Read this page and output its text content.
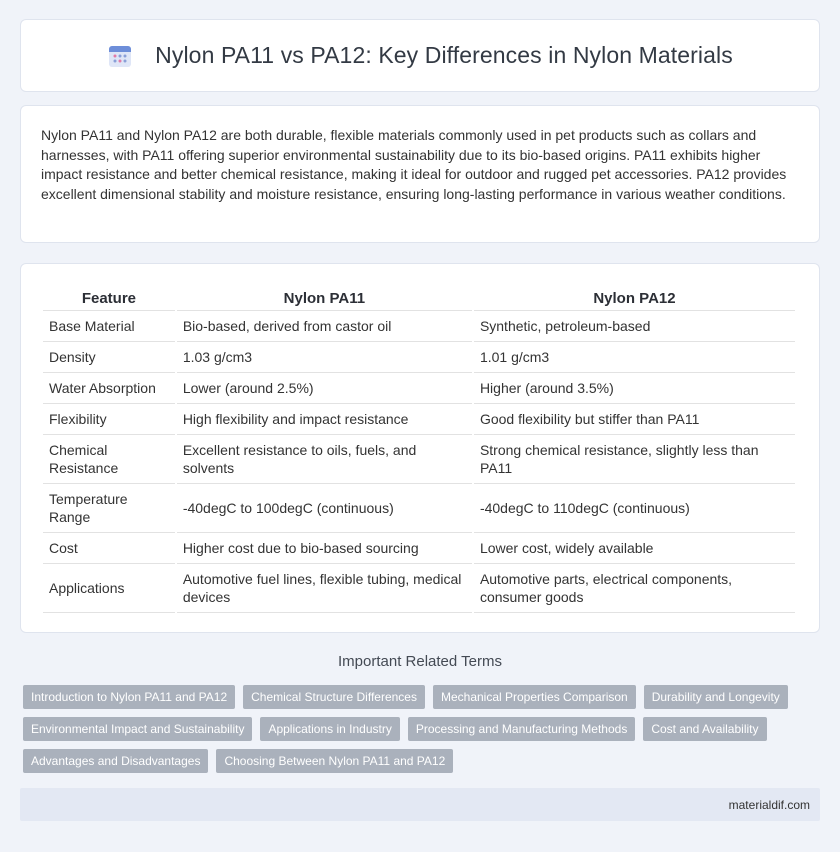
Nylon PA11 vs PA12: Key Differences in Nylon Materials

Nylon PA11 and Nylon PA12 are both durable, flexible materials commonly used in pet products such as collars and harnesses, with PA11 offering superior environmental sustainability due to its bio-based origins. PA11 exhibits higher impact resistance and better chemical resistance, making it ideal for outdoor and rugged pet accessories. PA12 provides excellent dimensional stability and moisture resistance, ensuring long-lasting performance in various weather conditions.

Feature	Nylon PA11	Nylon PA12
Base Material	Bio-based, derived from castor oil	Synthetic, petroleum-based
Density	1.03 g/cm3	1.01 g/cm3
Water Absorption	Lower (around 2.5%)	Higher (around 3.5%)
Flexibility	High flexibility and impact resistance	Good flexibility but stiffer than PA11
Chemical Resistance	Excellent resistance to oils, fuels, and solvents	Strong chemical resistance, slightly less than PA11
Temperature Range	-40degC to 100degC (continuous)	-40degC to 110degC (continuous)
Cost	Higher cost due to bio-based sourcing	Lower cost, widely available
Applications	Automotive fuel lines, flexible tubing, medical devices	Automotive parts, electrical components, consumer goods
Important Related Terms
Introduction to Nylon PA11 and PA12	Chemical Structure Differences	Mechanical Properties Comparison	Durability and Longevity
Environmental Impact and Sustainability	Applications in Industry	Processing and Manufacturing Methods	Cost and Availability
Advantages and Disadvantages	Choosing Between Nylon PA11 and PA12
materialdif.com
